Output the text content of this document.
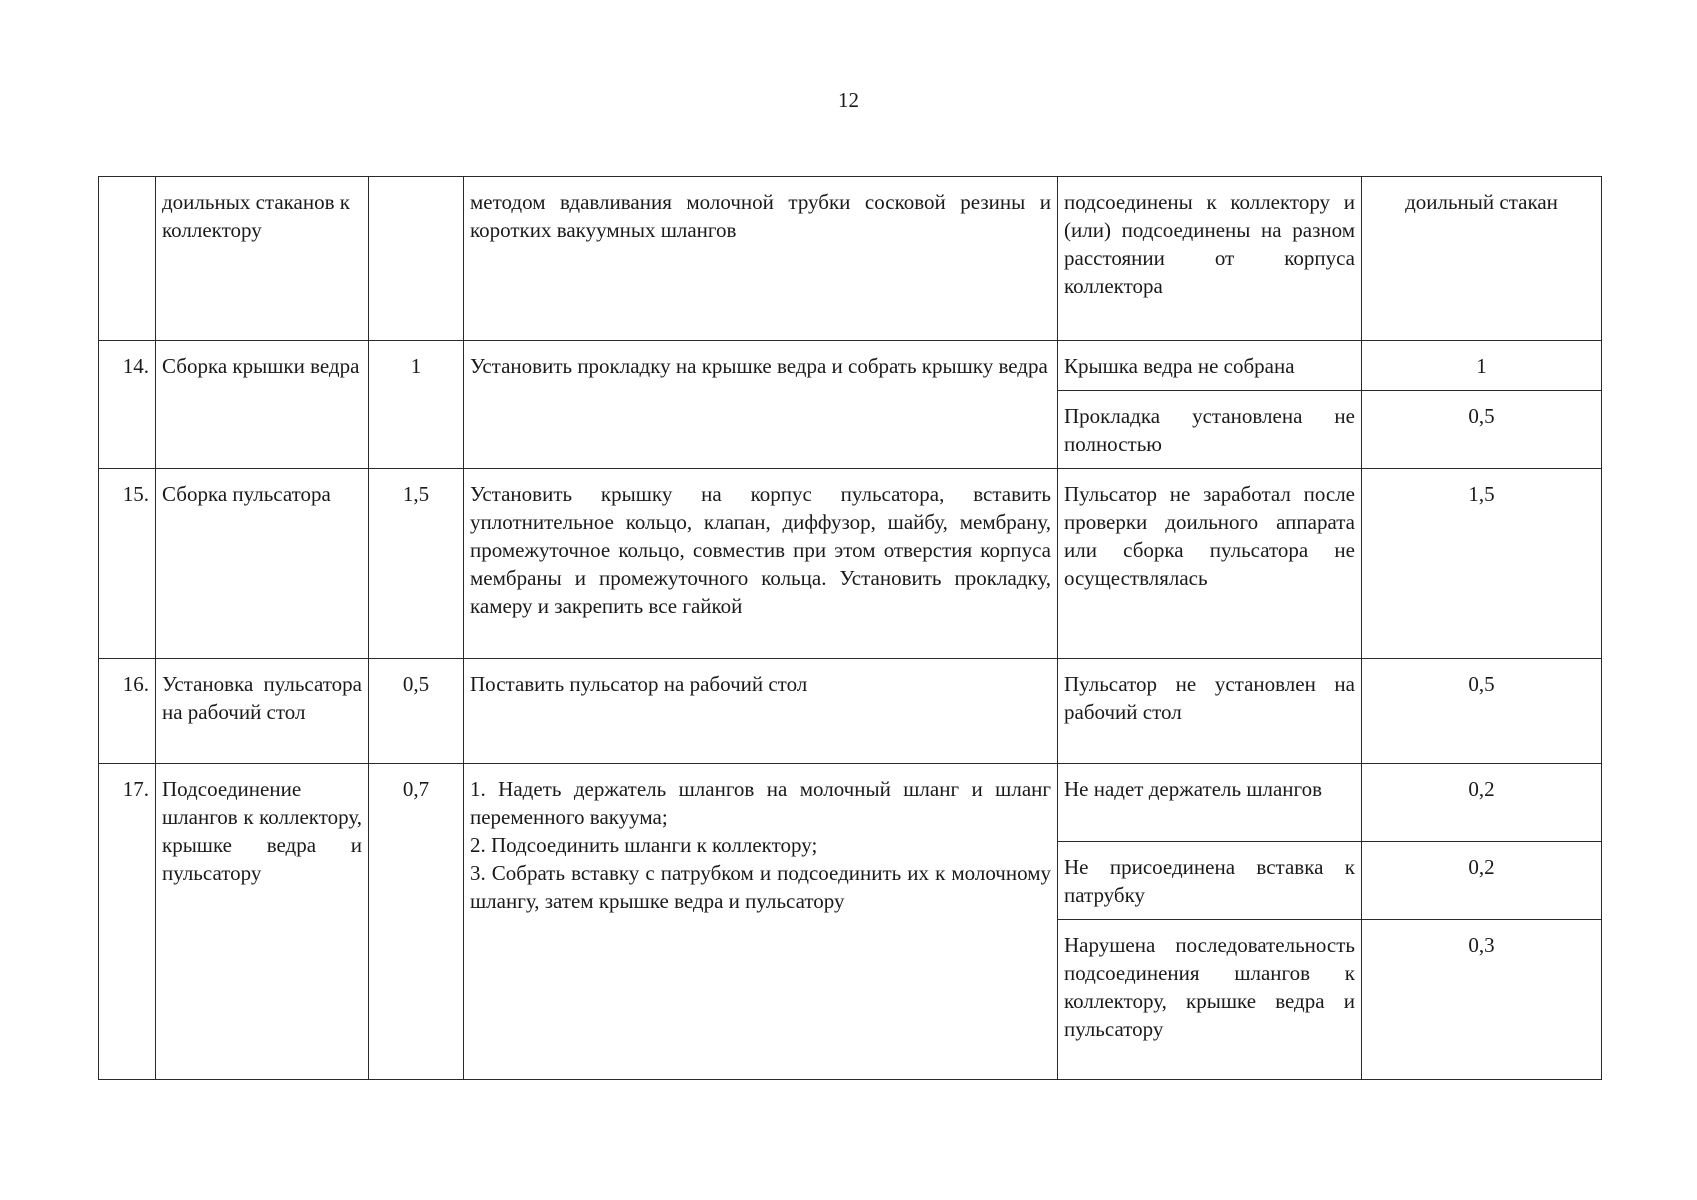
12
	доильных стаканов к коллектору		методом вдавливания молочной трубки сосковой резины и коротких вакуумных шлангов	подсоединены к коллектору и (или) подсоединены на разном расстоянии от корпуса коллектора	доильный стакан
14.	Сборка крышки ведра	1	Установить прокладку на крышке ведра и собрать крышку ведра	Крышка ведра не собрана	1
				Прокладка установлена не полностью	0,5
15.	Сборка пульсатора	1,5	Установить крышку на корпус пульсатора, вставить уплотнительное кольцо, клапан, диффузор, шайбу, мембрану, промежуточное кольцо, совместив при этом отверстия корпуса мембраны и промежуточного кольца. Установить прокладку, камеру и закрепить все гайкой	Пульсатор не заработал после проверки доильного аппарата или сборка пульсатора не осуществлялась	1,5
16.	Установка пульсатора на рабочий стол	0,5	Поставить пульсатор на рабочий стол	Пульсатор не установлен на рабочий стол	0,5
17.	Подсоединение шлангов к коллектору, крышке ведра и пульсатору	0,7	1. Надеть держатель шлангов на молочный шланг и шланг переменного вакуума;
2. Подсоединить шланги к коллектору;
3. Собрать вставку с патрубком и подсоединить их к молочному шлангу, затем крышке ведра и пульсатору	Не надет держатель шлангов	0,2
				Не присоединена вставка к патрубку	0,2
				Нарушена последовательность подсоединения шлангов к коллектору, крышке ведра и пульсатору	0,3
